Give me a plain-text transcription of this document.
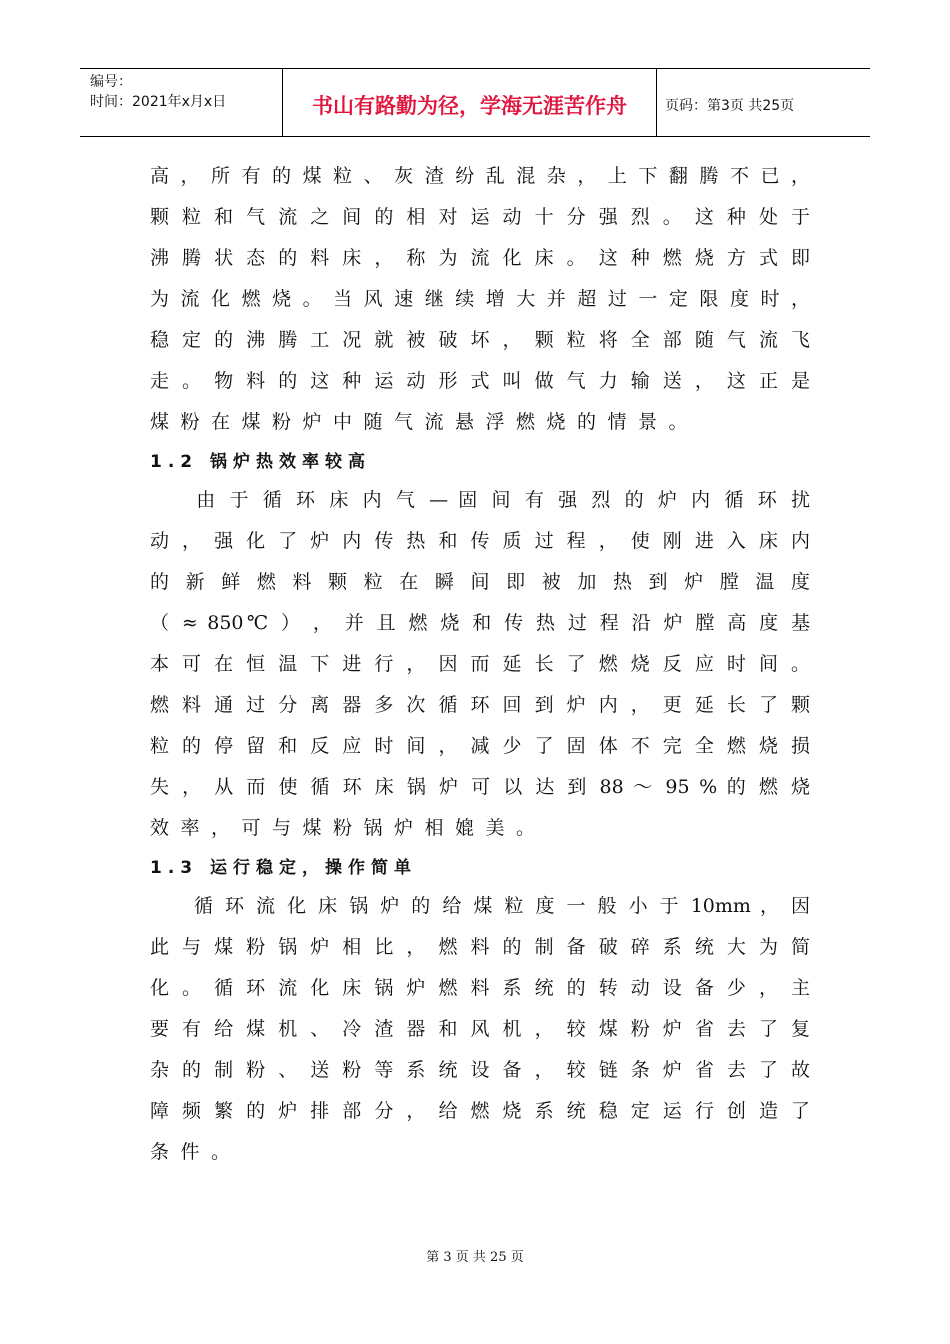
编号：
时间：2021年x月x日	书山有路勤为径，学海无涯苦作舟	页码：第3页 共25页
高 ， 所 有 的 煤 粒 、 灰 渣 纷 乱 混 杂 ， 上 下 翻 腾 不 已 ，
颗 粒 和 气 流 之 间 的 相 对 运 动 十 分 强 烈 。 这 种 处 于
沸 腾 状 态 的 料 床 ， 称 为 流 化 床 。 这 种 燃 烧 方 式 即
为 流 化 燃 烧 。 当 风 速 继 续 增 大 并 超 过 一 定 限 度 时 ，
稳 定 的 沸 腾 工 况 就 被 破 坏 ， 颗 粒 将 全 部 随 气 流 飞
走 。 物 料 的 这 种 运 动 形 式 叫 做 气 力 输 送 ， 这 正 是
煤粉在煤粉炉中随气流悬浮燃烧的情景。
1.2 锅炉热效率较高
　　由 于 循 环 床 内 气 — 固 间 有 强 烈 的 炉 内 循 环 扰
动 ， 强 化 了 炉 内 传 热 和 传 质 过 程 ， 使 刚 进 入 床 内
的 新 鲜 燃 料 颗 粒 在 瞬 间 即 被 加 热 到 炉 膛 温 度
（ ≈ 850℃ ） ， 并 且 燃 烧 和 传 热 过 程 沿 炉 膛 高 度 基
本 可 在 恒 温 下 进 行 ， 因 而 延 长 了 燃 烧 反 应 时 间 。
燃 料 通 过 分 离 器 多 次 循 环 回 到 炉 内 ， 更 延 长 了 颗
粒 的 停 留 和 反 应 时 间 ， 减 少 了 固 体 不 完 全 燃 烧 损
失 ， 从 而 使 循 环 床 锅 炉 可 以 达 到 88 ～ 95 % 的 燃 烧
效率，可与煤粉锅炉相媲美。
1.3 运行稳定，操作简单
　　循 环 流 化 床 锅 炉 的 给 煤 粒 度 一 般 小 于 10mm ， 因
此 与 煤 粉 锅 炉 相 比 ， 燃 料 的 制 备 破 碎 系 统 大 为 简
化 。 循 环 流 化 床 锅 炉 燃 料 系 统 的 转 动 设 备 少 ， 主
要 有 给 煤 机 、 冷 渣 器 和 风 机 ， 较 煤 粉 炉 省 去 了 复
杂 的 制 粉 、 送 粉 等 系 统 设 备 ， 较 链 条 炉 省 去 了 故
障 频 繁 的 炉 排 部 分 ， 给 燃 烧 系 统 稳 定 运 行 创 造 了
条件。
第 3 页 共 25 页
